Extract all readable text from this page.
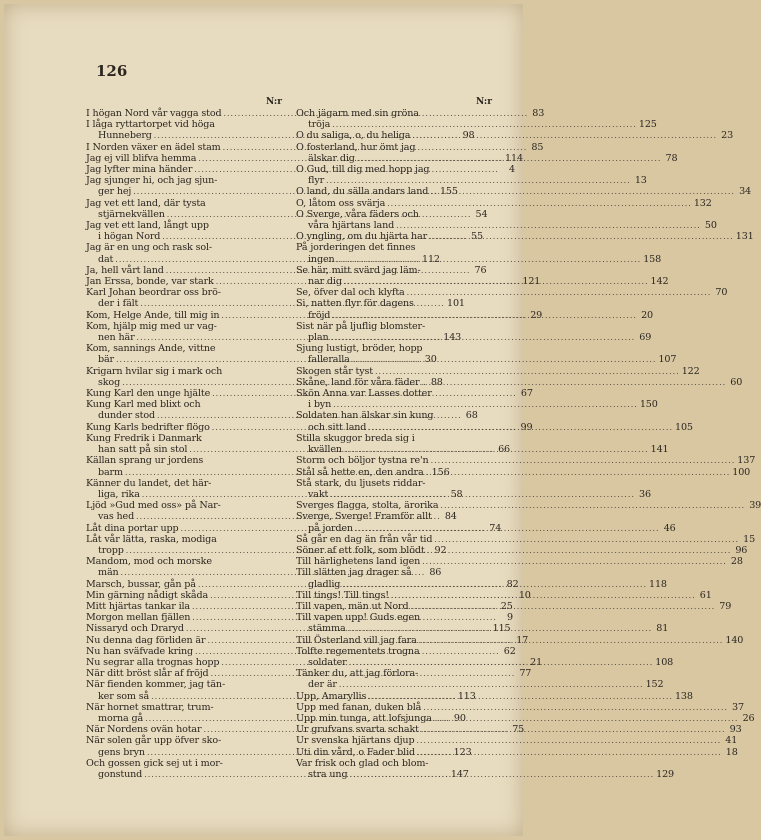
126
N:r
I högan Nord vår vagga stod .....	83
I låga ryttartorpet vid höga
Hunneberg .....	98
I Norden växer en ädel stam .....	85
Jag ej vill blifva hemma .....	114
Jag lyfter mina händer .....	4
Jag sjunger hi, och jag sjun-
ger hej .....	155
Jag vet ett land, där tysta
stjärnekvällen .....	54
Jag vet ett land, långt upp
i högan Nord .....	55
Jag är en ung och rask sol-
dat .....	112
Ja, hell vårt land .....	76
Jan Erssa, bonde, var stark .....	121
Karl Johan beordrar oss brö-
der i fält .....	101
Kom, Helge Ande, till mig in .....	29
Kom, hjälp mig med ur vag-
nen här .....	143
Kom, sannings Ande, vittne
bär .....	30
Krigarn hvilar sig i mark och
skog .....	88
Kung Karl den unge hjälte .....	67
Kung Karl med blixt och
dunder stod .....	68
Kung Karls bedrifter flögo .....	99
Kung Fredrik i Danmark
han satt på sin stol .....	66
Källan sprang ur jordens
barm .....	156
Känner du landet, det här-
liga, rika .....	58
Ljöd »Gud med oss» på Nar-
vas hed .....	84
Låt dina portar upp .....	74
Låt vår lätta, raska, modiga
tropp .....	92
Mandom, mod och morske
män .....	86
Marsch, bussar, gån på .....	82
Min gärning nådigt skåda .....	10
Mitt hjärtas tankar ila .....	25
Morgon mellan fjällen .....	9
Nissaryd och Draryd .....	115
Nu denna dag förliden är .....	17
Nu han sväfvade kring .....	62
Nu segrar alla trognas hopp .....	21
När ditt bröst slår af fröjd .....	77
När fienden kommer, jag tän-
ker som så .....	113
När hornet smattrar, trum-
morna gå .....	90
När Nordens ovän hotar .....	75
När solen går upp öfver sko-
gens bryn .....	123
Och gossen gick sej ut i mor-
gonstund .....	147
N:r
Och jägarn med sin gröna
tröja .....	125
O du saliga, o, du heliga .....	23
O fosterland, hur ömt jag
älskar dig .....	78
O Gud, till dig med hopp jag
flyr .....	13
O land, du sälla andars land .....	34
O, låtom oss svärja .....	132
O Sverge, våra fäders och
våra hjärtans land .....	50
O yngling, om du hjärta har .....	131
På jorderingen det finnes
ingen .....	158
Se här, mitt svärd jag läm-
nar dig .....	142
Se, öfver dal och klyfta .....	70
Si, natten flyr för dagens
fröjd .....	20
Sist när på ljuflig blomster-
plan .....	69
Sjung lustigt, bröder, hopp
falleralla .....	107
Skogen står tyst .....	122
Skåne, land för våra fäder .....	60
Skön Anna var Lasses dotter
i byn .....	150
Soldaten han älskar sin kung
och sitt land .....	105
Stilla skuggor breda sig i
kvällen .....	141
Storm och böljor tystna re'n .....	137
Stål så hette en, den andra .....	100
Stå stark, du ljusets riddar-
vakt .....	36
Sverges flagga, stolta, ärorika .....	39
Sverge, Sverge! Framför allt
på jorden .....	46
Så går en dag än från vår tid .....	15
Söner af ett folk, som blödt .....	96
Till härlighetens land igen .....	28
Till slätten jag drager så
gladlig .....	118
Till tings! Till tings! .....	61
Till vapen, män ut Nord .....	79
Till vapen upp! Guds egen
stämma .....	81
Till Österland vill jag fara .....	140
Tolfte regementets trogna
soldater .....	108
Tänker du, att jag förlora-
der är .....	152
Upp, Amaryllis .....	138
Upp med fanan, duken blå .....	37
Upp min tunga, att lofsjunga .....	26
Ur grufvans svarta schakt .....	93
Ur svenska hjärtans djup .....	41
Uti din vård, o Fader blid .....	18
Var frisk och glad och blom-
stra ung .....	129
